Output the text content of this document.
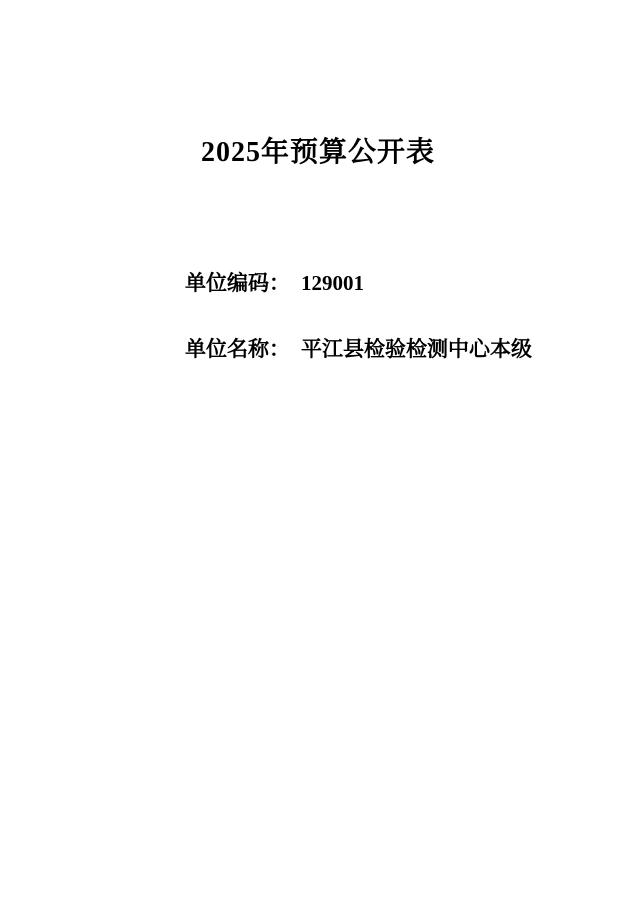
2025年预算公开表
单位编码： 129001
单位名称： 平江县检验检测中心本级
